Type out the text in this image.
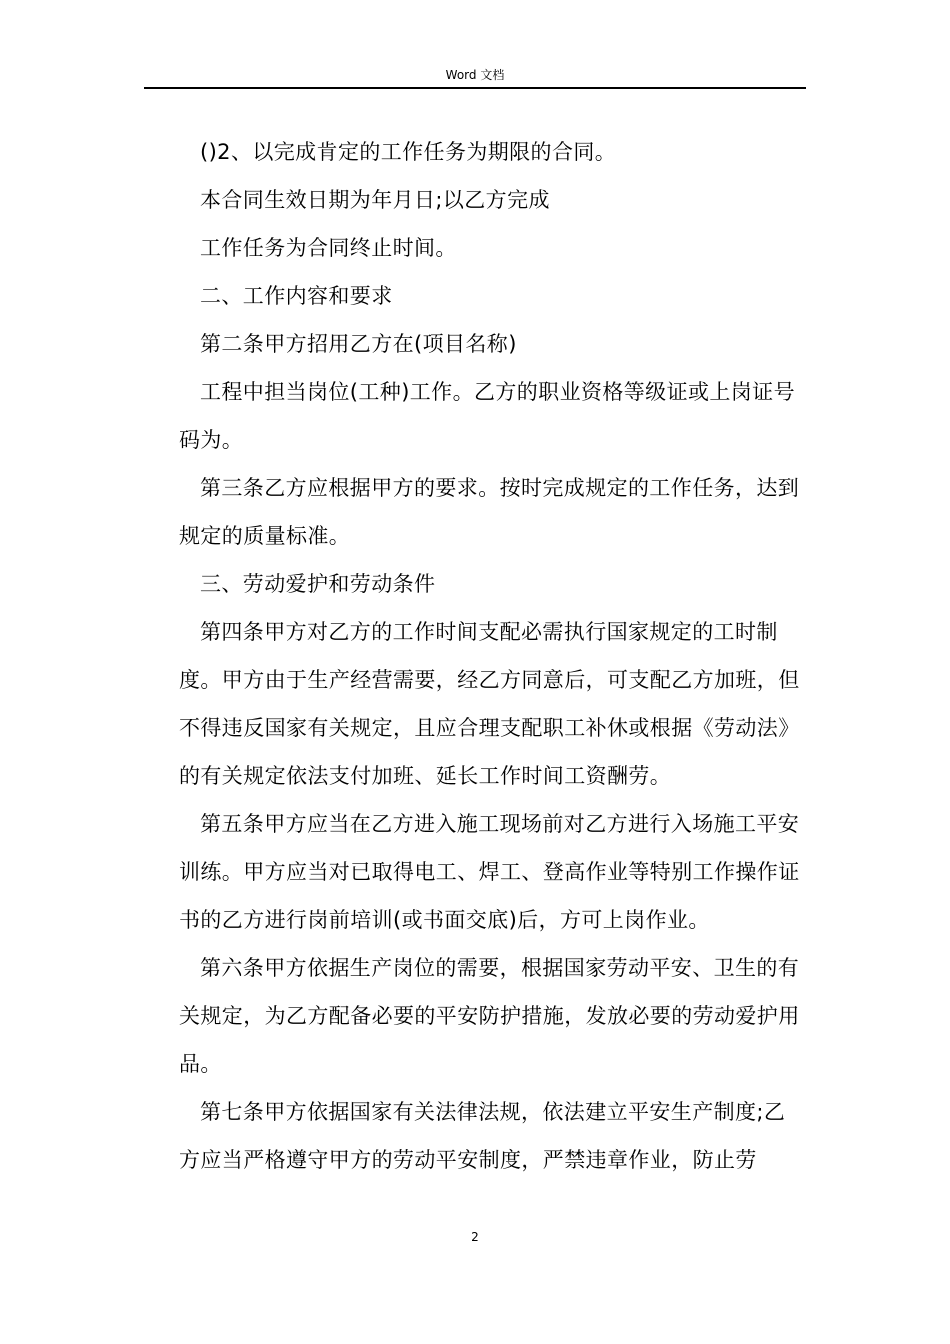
Word 文档

()2、以完成肯定的工作任务为期限的合同。

本合同生效日期为年月日;以乙方完成

工作任务为合同终止时间。

二、工作内容和要求

第二条甲方招用乙方在(项目名称)

工程中担当岗位(工种)工作。乙方的职业资格等级证或上岗证号码为。

第三条乙方应根据甲方的要求。按时完成规定的工作任务，达到规定的质量标准。

三、劳动爱护和劳动条件

第四条甲方对乙方的工作时间支配必需执行国家规定的工时制度。甲方由于生产经营需要，经乙方同意后，可支配乙方加班，但不得违反国家有关规定，且应合理支配职工补休或根据《劳动法》的有关规定依法支付加班、延长工作时间工资酬劳。

第五条甲方应当在乙方进入施工现场前对乙方进行入场施工平安训练。甲方应当对已取得电工、焊工、登高作业等特别工作操作证书的乙方进行岗前培训(或书面交底)后，方可上岗作业。

第六条甲方依据生产岗位的需要，根据国家劳动平安、卫生的有关规定，为乙方配备必要的平安防护措施，发放必要的劳动爱护用品。

第七条甲方依据国家有关法律法规，依法建立平安生产制度;乙方应当严格遵守甲方的劳动平安制度，严禁违章作业，防止劳

2
